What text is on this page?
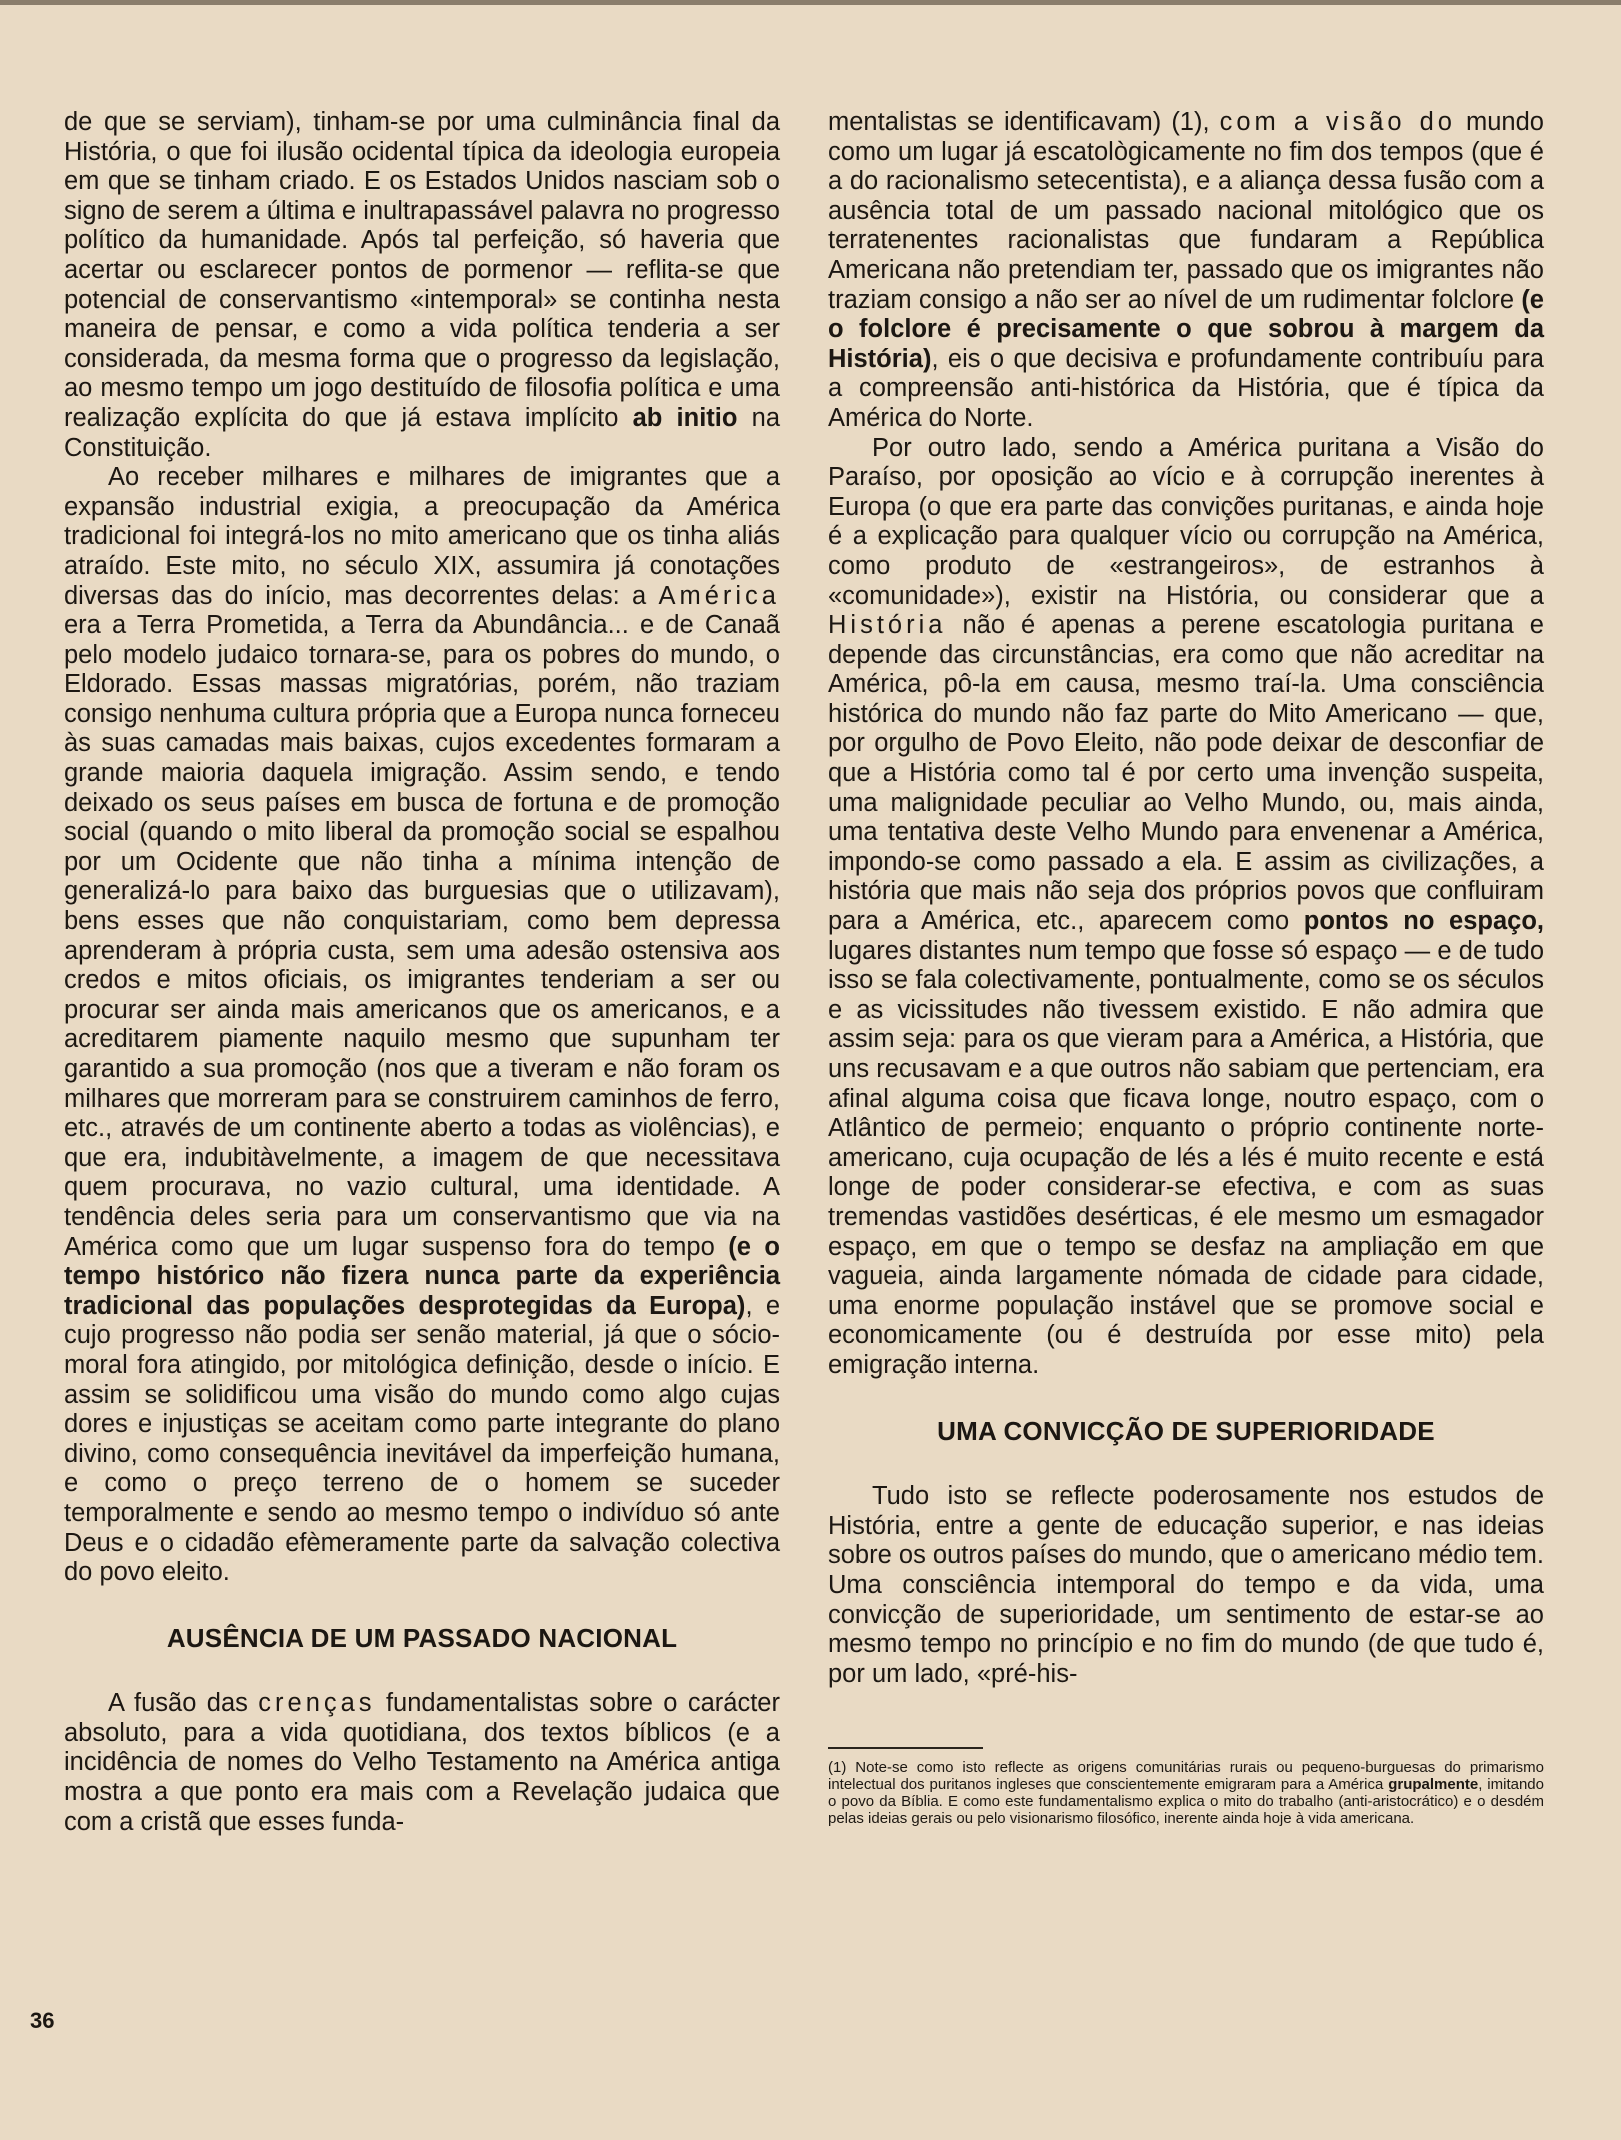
de que se serviam), tinham-se por uma culminância final da História, o que foi ilusão ocidental típica da ideologia europeia em que se tinham criado. E os Estados Unidos nasciam sob o signo de serem a última e inultrapassável palavra no progresso político da humanidade. Após tal perfeição, só haveria que acertar ou esclarecer pontos de pormenor — reflita-se que potencial de conservantismo «intemporal» se continha nesta maneira de pensar, e como a vida política tenderia a ser considerada, da mesma forma que o progresso da legislação, ao mesmo tempo um jogo destituído de filosofia política e uma realização explícita do que já estava implícito ab initio na Constituição.

Ao receber milhares e milhares de imigrantes que a expansão industrial exigia, a preocupação da América tradicional foi integrá-los no mito americano que os tinha aliás atraído. Este mito, no século XIX, assumira já conotações diversas das do início, mas decorrentes delas: a América era a Terra Prometida, a Terra da Abundância... e de Canaã pelo modelo judaico tornara-se, para os pobres do mundo, o Eldorado. Essas massas migratórias, porém, não traziam consigo nenhuma cultura própria que a Europa nunca forneceu às suas camadas mais baixas, cujos excedentes formaram a grande maioria daquela imigração. Assim sendo, e tendo deixado os seus países em busca de fortuna e de promoção social (quando o mito liberal da promoção social se espalhou por um Ocidente que não tinha a mínima intenção de generalizá-lo para baixo das burguesias que o utilizavam), bens esses que não conquistariam, como bem depressa aprenderam à própria custa, sem uma adesão ostensiva aos credos e mitos oficiais, os imigrantes tenderiam a ser ou procurar ser ainda mais americanos que os americanos, e a acreditarem piamente naquilo mesmo que supunham ter garantido a sua promoção (nos que a tiveram e não foram os milhares que morreram para se construirem caminhos de ferro, etc., através de um continente aberto a todas as violências), e que era, indubitàvelmente, a imagem de que necessitava quem procurava, no vazio cultural, uma identidade. A tendência deles seria para um conservantismo que via na América como que um lugar suspenso fora do tempo (e o tempo histórico não fizera nunca parte da experiência tradicional das populações desprotegidas da Europa), e cujo progresso não podia ser senão material, já que o sócio-moral fora atingido, por mitológica definição, desde o início. E assim se solidificou uma visão do mundo como algo cujas dores e injustiças se aceitam como parte integrante do plano divino, como consequência inevitável da imperfeição humana, e como o preço terreno de o homem se suceder temporalmente e sendo ao mesmo tempo o indivíduo só ante Deus e o cidadão efèmeramente parte da salvação colectiva do povo eleito.

AUSÊNCIA DE UM PASSADO NACIONAL

A fusão das crenças fundamentalistas sobre o carácter absoluto, para a vida quotidiana, dos textos bíblicos (e a incidência de nomes do Velho Testamento na América antiga mostra a que ponto era mais com a Revelação judaica que com a cristã que esses funda-

mentalistas se identificavam) (1), com a visão do mundo como um lugar já escatològicamente no fim dos tempos (que é a do racionalismo setecentista), e a aliança dessa fusão com a ausência total de um passado nacional mitológico que os terratenentes racionalistas que fundaram a República Americana não pretendiam ter, passado que os imigrantes não traziam consigo a não ser ao nível de um rudimentar folclore (e o folclore é precisamente o que sobrou à margem da História), eis o que decisiva e profundamente contribuíu para a compreensão anti-histórica da História, que é típica da América do Norte.

Por outro lado, sendo a América puritana a Visão do Paraíso, por oposição ao vício e à corrupção inerentes à Europa (o que era parte das convições puritanas, e ainda hoje é a explicação para qualquer vício ou corrupção na América, como produto de «estrangeiros», de estranhos à «comunidade»), existir na História, ou considerar que a História não é apenas a perene escatologia puritana e depende das circunstâncias, era como que não acreditar na América, pô-la em causa, mesmo traí-la. Uma consciência histórica do mundo não faz parte do Mito Americano — que, por orgulho de Povo Eleito, não pode deixar de desconfiar de que a História como tal é por certo uma invenção suspeita, uma malignidade peculiar ao Velho Mundo, ou, mais ainda, uma tentativa deste Velho Mundo para envenenar a América, impondo-se como passado a ela. E assim as civilizações, a história que mais não seja dos próprios povos que confluiram para a América, etc., aparecem como pontos no espaço, lugares distantes num tempo que fosse só espaço — e de tudo isso se fala colectivamente, pontualmente, como se os séculos e as vicissitudes não tivessem existido. E não admira que assim seja: para os que vieram para a América, a História, que uns recusavam e a que outros não sabiam que pertenciam, era afinal alguma coisa que ficava longe, noutro espaço, com o Atlântico de permeio; enquanto o próprio continente norte-americano, cuja ocupação de lés a lés é muito recente e está longe de poder considerar-se efectiva, e com as suas tremendas vastidões desérticas, é ele mesmo um esmagador espaço, em que o tempo se desfaz na ampliação em que vagueia, ainda largamente nómada de cidade para cidade, uma enorme população instável que se promove social e economicamente (ou é destruída por esse mito) pela emigração interna.

UMA CONVICÇÃO DE SUPERIORIDADE

Tudo isto se reflecte poderosamente nos estudos de História, entre a gente de educação superior, e nas ideias sobre os outros países do mundo, que o americano médio tem. Uma consciência intemporal do tempo e da vida, uma convicção de superioridade, um sentimento de estar-se ao mesmo tempo no princípio e no fim do mundo (de que tudo é, por um lado, «pré-his-

(1) Note-se como isto reflecte as origens comunitárias rurais ou pequeno-burguesas do primarismo intelectual dos puritanos ingleses que conscientemente emigraram para a América grupalmente, imitando o povo da Bíblia. E como este fundamentalismo explica o mito do trabalho (anti-aristocrático) e o desdém pelas ideias gerais ou pelo visionarismo filosófico, inerente ainda hoje à vida americana.

36
